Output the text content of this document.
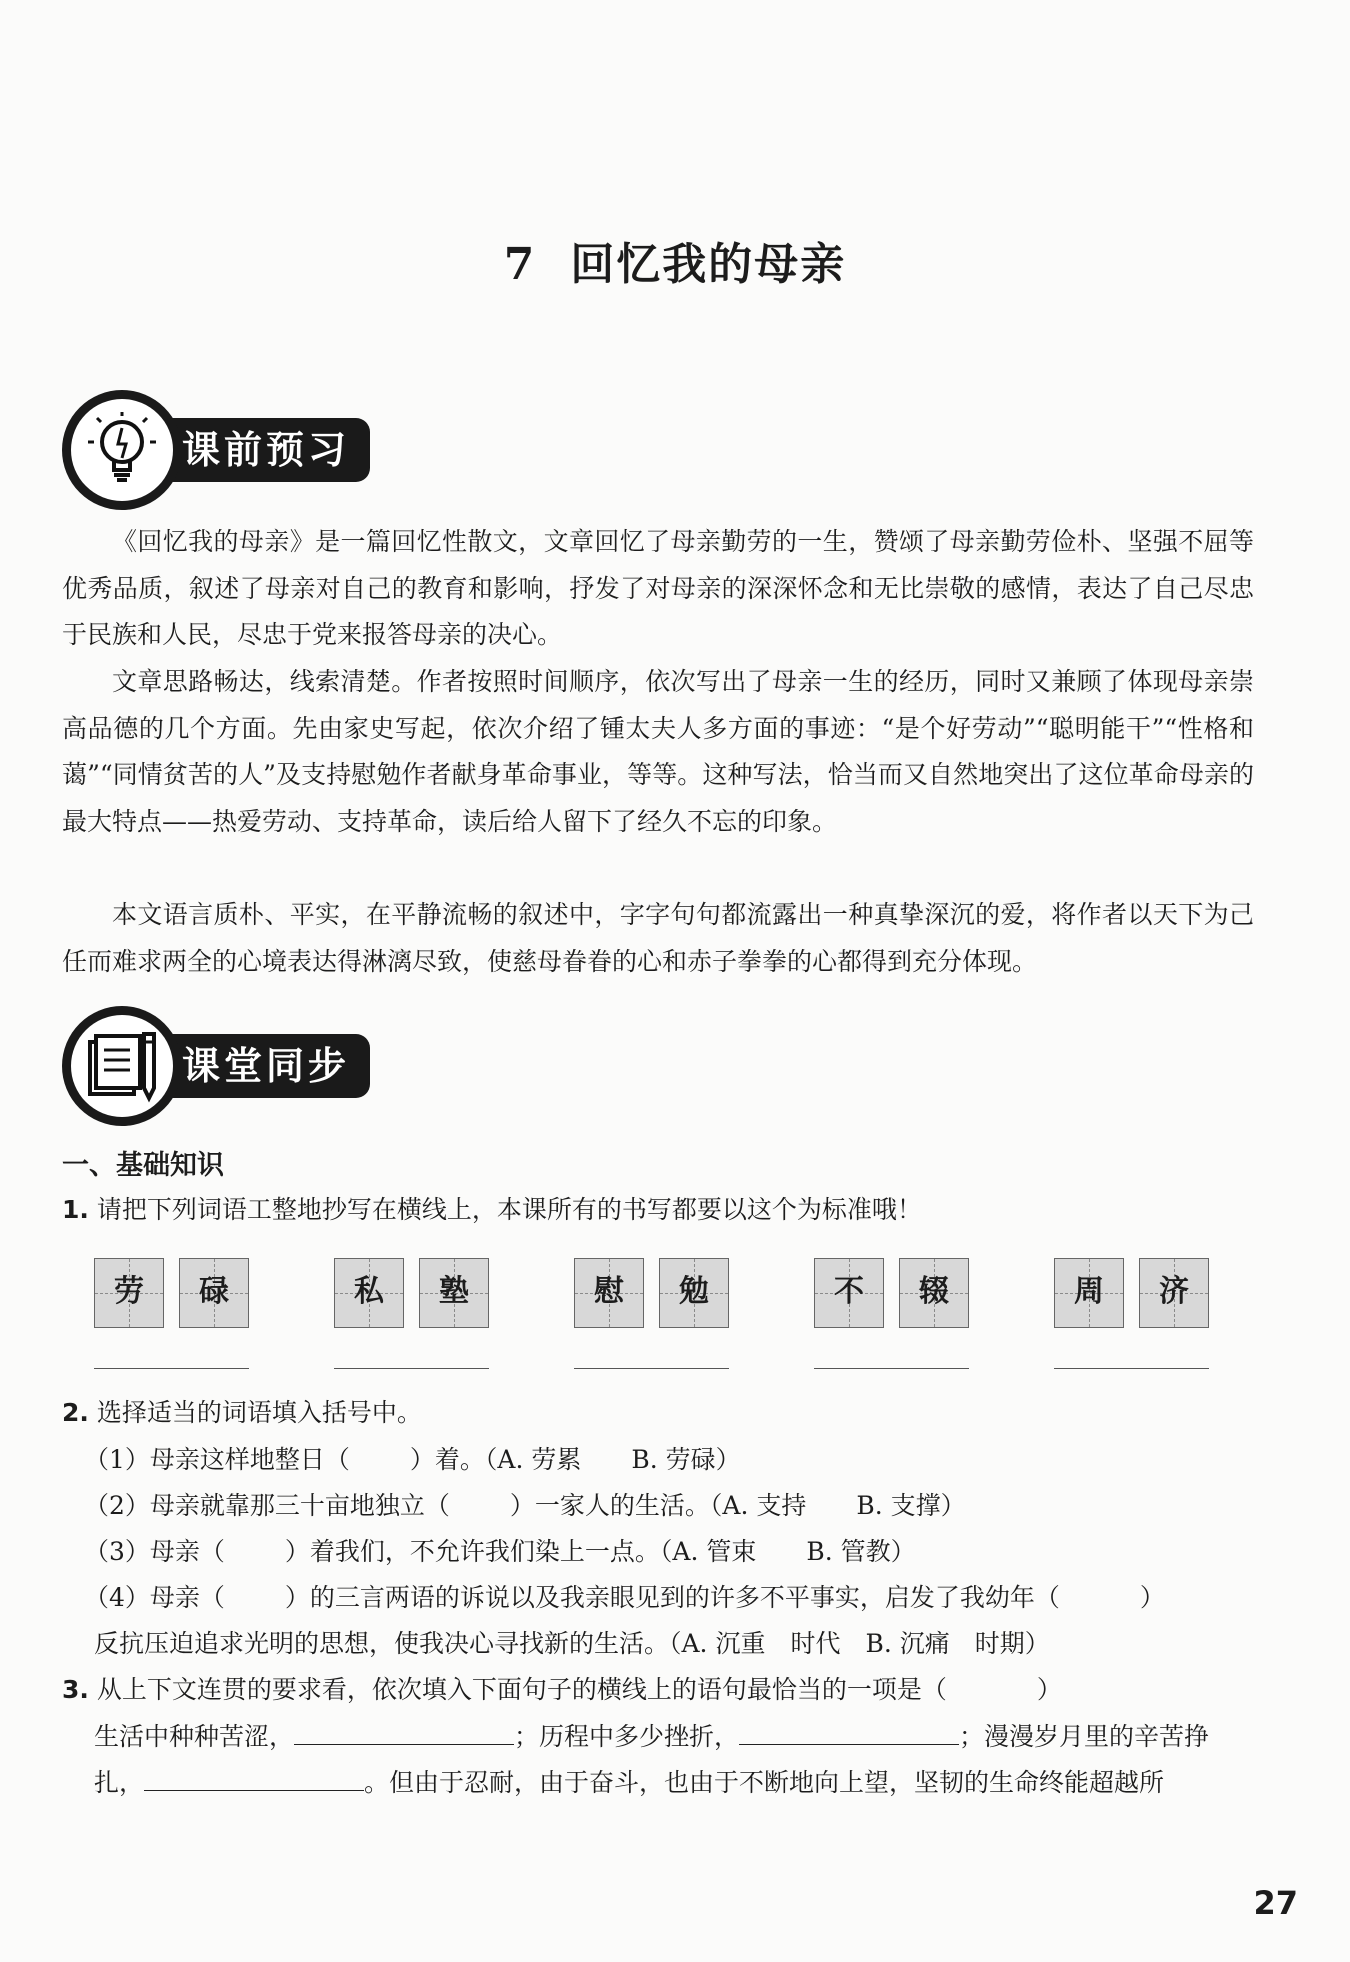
7 回忆我的母亲
课前预习

《回忆我的母亲》是一篇回忆性散文，文章回忆了母亲勤劳的一生，赞颂了母亲勤劳俭朴、坚强不屈等优秀品质，叙述了母亲对自己的教育和影响，抒发了对母亲的深深怀念和无比崇敬的感情，表达了自己尽忠于民族和人民，尽忠于党来报答母亲的决心。

文章思路畅达，线索清楚。作者按照时间顺序，依次写出了母亲一生的经历，同时又兼顾了体现母亲崇高品德的几个方面。先由家史写起，依次介绍了锺太夫人多方面的事迹：“是个好劳动”“聪明能干”“性格和蔼”“同情贫苦的人”及支持慰勉作者献身革命事业，等等。这种写法，恰当而又自然地突出了这位革命母亲的最大特点——热爱劳动、支持革命，读后给人留下了经久不忘的印象。

本文语言质朴、平实，在平静流畅的叙述中，字字句句都流露出一种真挚深沉的爱，将作者以天下为己任而难求两全的心境表达得淋漓尽致，使慈母眷眷的心和赤子拳拳的心都得到充分体现。

课堂同步
一、基础知识

1. 请把下列词语工整地抄写在横线上，本课所有的书写都要以这个为标准哦！

劳	碌	私	塾	慰	勉	不	辍	周	济

2. 选择适当的词语填入括号中。

（1）母亲这样地整日（ ）着。（A. 劳累　　B. 劳碌）

（2）母亲就靠那三十亩地独立（ ）一家人的生活。（A. 支持　　B. 支撑）

（3）母亲（ ）着我们，不允许我们染上一点。（A. 管束　　B. 管教）

（4）母亲（ ）的三言两语的诉说以及我亲眼见到的许多不平事实，启发了我幼年（	）

反抗压迫追求光明的思想，使我决心寻找新的生活。（A. 沉重　时代　B. 沉痛　时期）

3. 从上下文连贯的要求看，依次填入下面句子的横线上的语句最恰当的一项是（	）

生活中种种苦涩，	；历程中多少挫折，	；漫漫岁月里的辛苦挣

扎，	。但由于忍耐，由于奋斗，也由于不断地向上望，坚韧的生命终能超越所

27
